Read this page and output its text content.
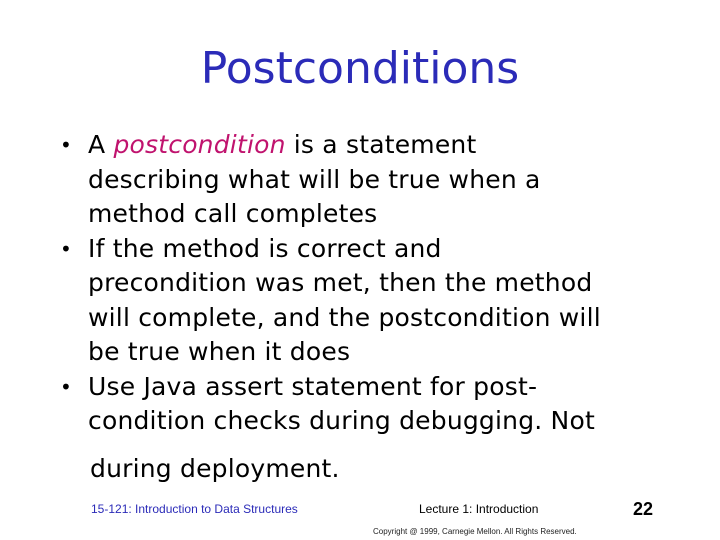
Postconditions
• A postcondition is a statement
describing what will be true when a
method call completes
• If the method is correct and
precondition was met, then the method
will complete, and the postcondition will
be true when it does
• Use Java assert statement for post-
condition checks during debugging. Not
during deployment.
15-121: Introduction to Data Structures	Lecture 1: Introduction	22
Copyright @ 1999, Carnegie Mellon. All Rights Reserved.
